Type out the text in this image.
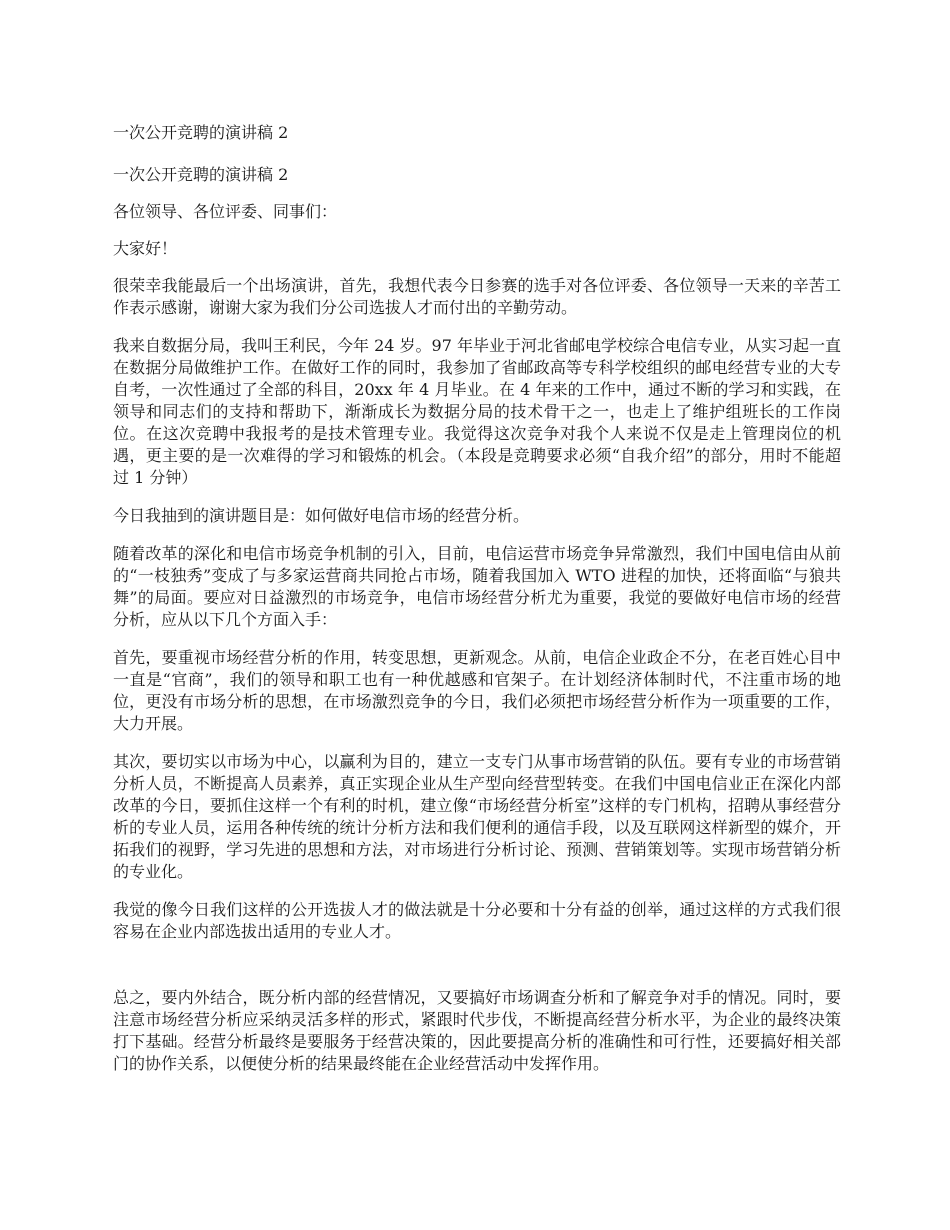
一次公开竞聘的演讲稿 2

一次公开竞聘的演讲稿 2

各位领导、各位评委、同事们：

大家好！

很荣幸我能最后一个出场演讲，首先，我想代表今日参赛的选手对各位评委、各位领导一天来的辛苦工作表示感谢，谢谢大家为我们分公司选拔人才而付出的辛勤劳动。

我来自数据分局，我叫王利民，今年 24 岁。97 年毕业于河北省邮电学校综合电信专业，从实习起一直在数据分局做维护工作。在做好工作的同时，我参加了省邮政高等专科学校组织的邮电经营专业的大专自考，一次性通过了全部的科目，20xx 年 4 月毕业。在 4 年来的工作中，通过不断的学习和实践，在领导和同志们的支持和帮助下，渐渐成长为数据分局的技术骨干之一，也走上了维护组班长的工作岗位。在这次竞聘中我报考的是技术管理专业。我觉得这次竞争对我个人来说不仅是走上管理岗位的机遇，更主要的是一次难得的学习和锻炼的机会。（本段是竞聘要求必须“自我介绍”的部分，用时不能超过 1 分钟）

今日我抽到的演讲题目是：如何做好电信市场的经营分析。

随着改革的深化和电信市场竞争机制的引入，目前，电信运营市场竞争异常激烈，我们中国电信由从前的“一枝独秀”变成了与多家运营商共同抢占市场，随着我国加入 WTO 进程的加快，还将面临“与狼共舞”的局面。要应对日益激烈的市场竞争，电信市场经营分析尤为重要，我觉的要做好电信市场的经营分析，应从以下几个方面入手：

首先，要重视市场经营分析的作用，转变思想，更新观念。从前，电信企业政企不分，在老百姓心目中一直是“官商”，我们的领导和职工也有一种优越感和官架子。在计划经济体制时代，不注重市场的地位，更没有市场分析的思想，在市场激烈竞争的今日，我们必须把市场经营分析作为一项重要的工作，大力开展。

其次，要切实以市场为中心，以赢利为目的，建立一支专门从事市场营销的队伍。要有专业的市场营销分析人员，不断提高人员素养，真正实现企业从生产型向经营型转变。在我们中国电信业正在深化内部改革的今日，要抓住这样一个有利的时机，建立像“市场经营分析室”这样的专门机构，招聘从事经营分析的专业人员，运用各种传统的统计分析方法和我们便利的通信手段，以及互联网这样新型的媒介，开拓我们的视野，学习先进的思想和方法，对市场进行分析讨论、预测、营销策划等。实现市场营销分析的专业化。

我觉的像今日我们这样的公开选拔人才的做法就是十分必要和十分有益的创举，通过这样的方式我们很容易在企业内部选拔出适用的专业人才。

总之，要内外结合，既分析内部的经营情况，又要搞好市场调查分析和了解竞争对手的情况。同时，要注意市场经营分析应采纳灵活多样的形式，紧跟时代步伐，不断提高经营分析水平，为企业的最终决策打下基础。经营分析最终是要服务于经营决策的，因此要提高分析的准确性和可行性，还要搞好相关部门的协作关系，以便使分析的结果最终能在企业经营活动中发挥作用。
